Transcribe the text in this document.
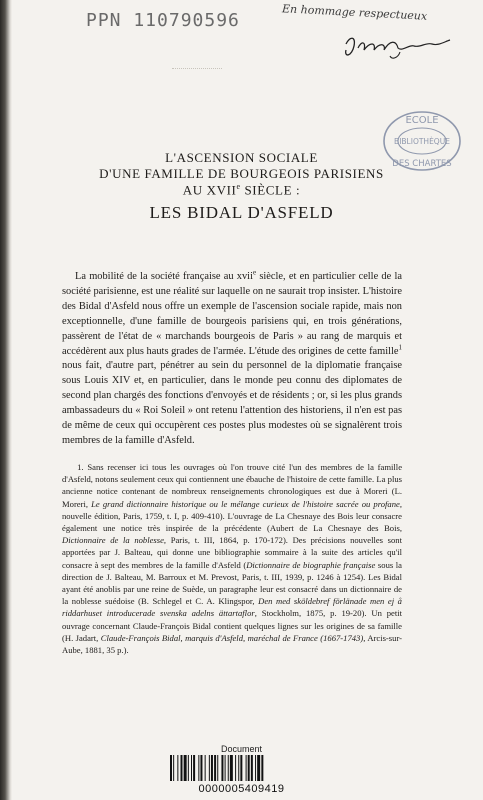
PPN 110790596	En hommage respectueux
ECOLE
BIBLIOTHÈQUE
DES CHARTES
L'ASCENSION SOCIALE
D'UNE FAMILLE DE BOURGEOIS PARISIENS
AU XVIIe SIÈCLE :
LES BIDAL D'ASFELD
La mobilité de la société française au xvii$^e$ siècle, et en particulier celle de la société parisienne, est une réalité sur laquelle on ne saurait trop insister. L'histoire des Bidal d'Asfeld nous offre un exemple de l'ascension sociale rapide, mais non exceptionnelle, d'une famille de bourgeois parisiens qui, en trois générations, passèrent de l'état de « marchands bourgeois de Paris » au rang de marquis et accédèrent aux plus hauts grades de l'armée. L'étude des origines de cette famille$^1$ nous fait, d'autre part, pénétrer au sein du personnel de la diplomatie française sous Louis XIV et, en particulier, dans le monde peu connu des diplomates de second plan chargés des fonctions d'envoyés et de résidents ; or, si les plus grands ambassadeurs du « Roi Soleil » ont retenu l'attention des historiens, il n'en est pas de même de ceux qui occupèrent ces postes plus modestes où se signalèrent trois membres de la famille d'Asfeld.
1. Sans recenser ici tous les ouvrages où l'on trouve cité l'un des membres de la famille d'Asfeld, notons seulement ceux qui contiennent une ébauche de l'histoire de cette famille. La plus ancienne notice contenant de nombreux renseignements chronologiques est due à Moreri (L. Moreri, Le grand dictionnaire historique ou le mélange curieux de l'histoire sacrée ou profane, nouvelle édition, Paris, 1759, t. I, p. 409-410). L'ouvrage de La Chesnaye des Bois leur consacre également une notice très inspirée de la précédente (Aubert de La Chesnaye des Bois, Dictionnaire de la noblesse, Paris, t. III, 1864, p. 170-172). Des précisions nouvelles sont apportées par J. Balteau, qui donne une bibliographie sommaire à la suite des articles qu'il consacre à sept des membres de la famille d'Asfeld (Dictionnaire de biographie française sous la direction de J. Balteau, M. Barroux et M. Prevost, Paris, t. III, 1939, p. 1246 à 1254). Les Bidal ayant été anoblis par une reine de Suède, un paragraphe leur est consacré dans un dictionnaire de la noblesse suédoise (B. Schlegel et C. A. Klingspor, Den med sköldebref förlänade men ej å riddarhuset introducerade svenska adelns ättartaflor, Stockholm, 1875, p. 19-20). Un petit ouvrage concernant Claude-François Bidal contient quelques lignes sur les origines de sa famille (H. Jadart, Claude-François Bidal, marquis d'Asfeld, maréchal de France (1667-1743), Arcis-sur-Aube, 1881, 35 p.).
Document
0000005409419
